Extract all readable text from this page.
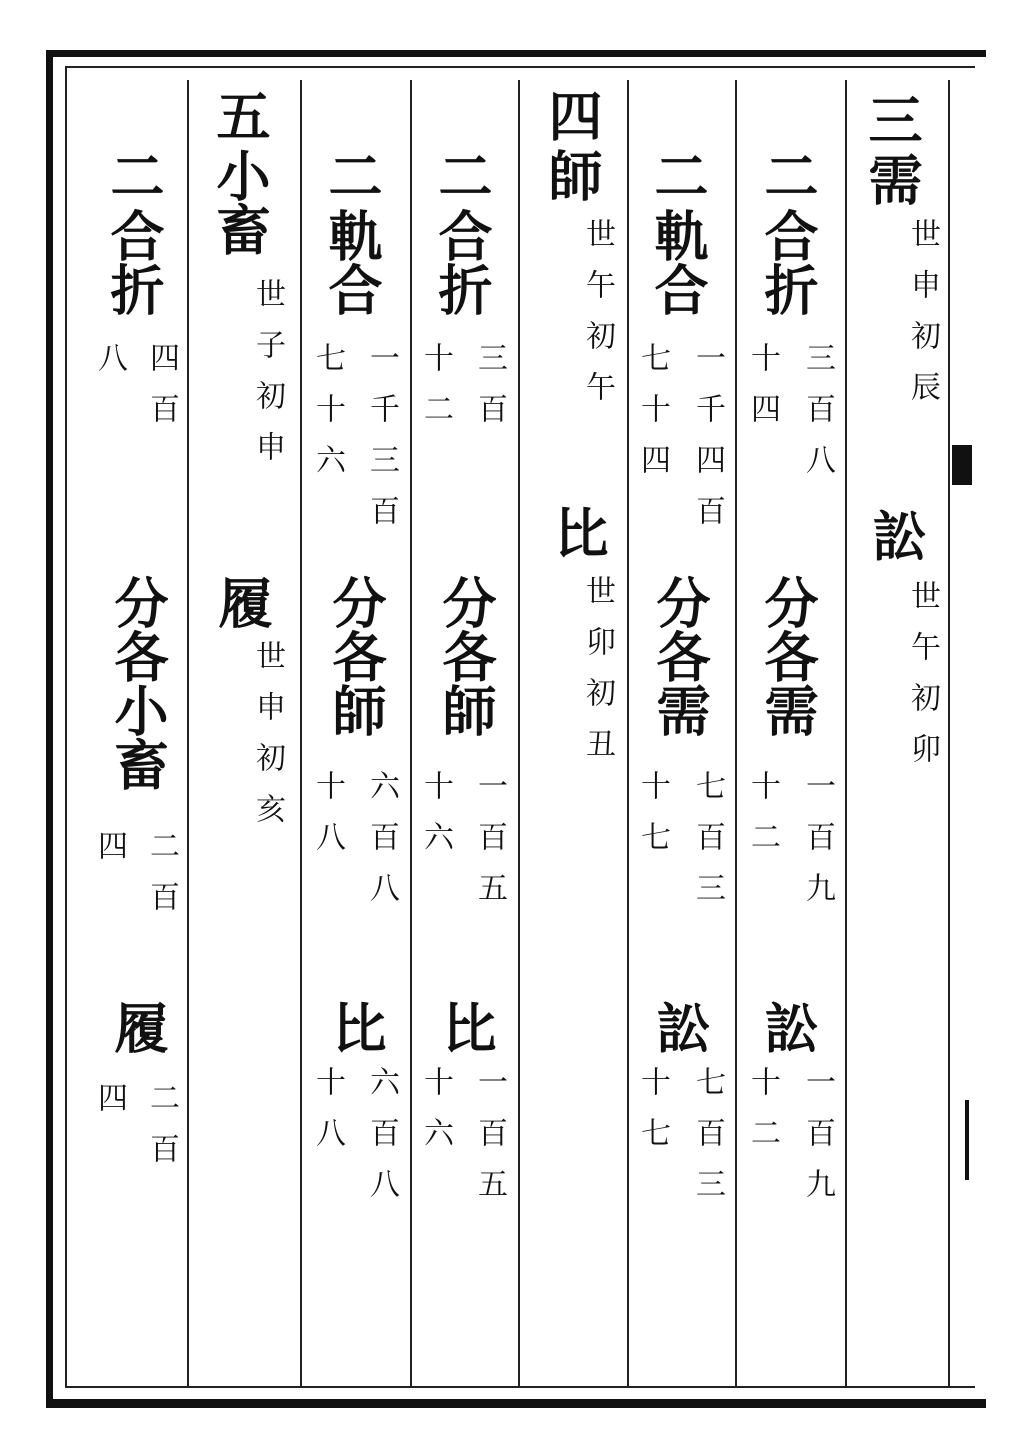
三
需
世申初辰
訟
世午初卯
二
合折
三百八
十四
分各需
一百九
十二
訟
一百九
十二
二
軌合
一千四百
七十四
分各需
七百三
十七
訟
七百三
十七
四
師
世午初午
比
世卯初丑
二
合折
三百
十二
分各師
一百五
十六
比
一百五
十六
二
軌合
一千三百
七十六
分各師
六百八
十八
比
六百八
十八
五
小畜
世子初申
履
世申初亥
二
合折
四百
八
分各小畜
二百
四
履
二百
四
